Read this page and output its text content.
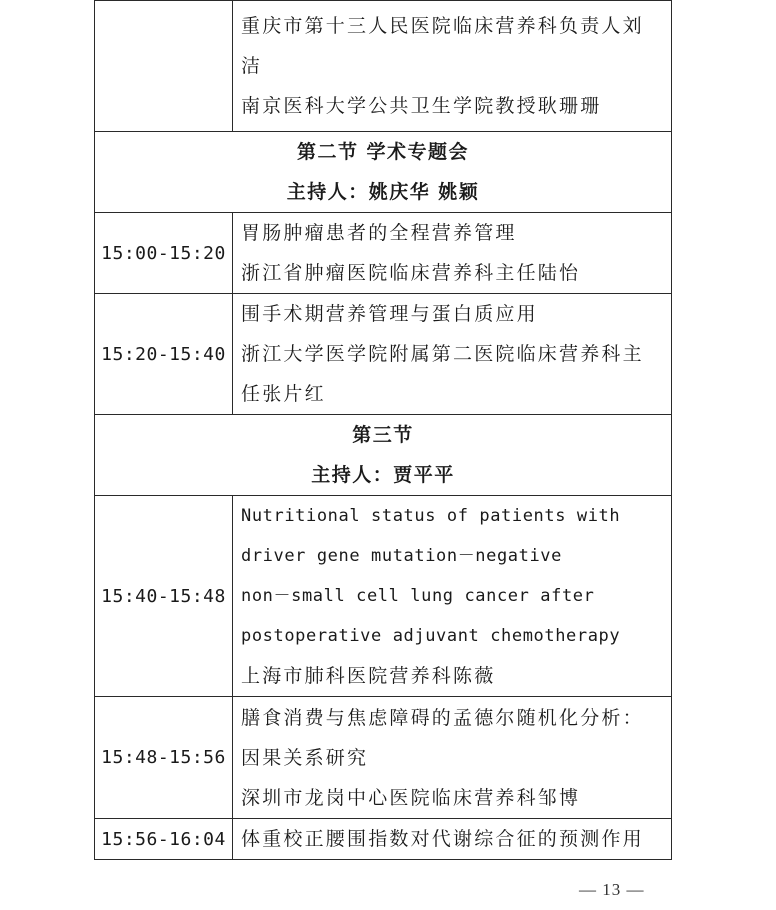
	重庆市第十三人民医院临床营养科负责人刘
洁
南京医科大学公共卫生学院教授耿珊珊

第二节 学术专题会
主持人：姚庆华 姚颖	

15:00-15:20	胃肠肿瘤患者的全程营养管理
浙江省肿瘤医院临床营养科主任陆怡

15:20-15:40	围手术期营养管理与蛋白质应用
浙江大学医学院附属第二医院临床营养科主
任张片红

第三节
主持人：贾平平	

15:40-15:48	Nutritional status of patients with
driver gene mutation－negative
non－small cell lung cancer after
postoperative adjuvant chemotherapy
上海市肺科医院营养科陈薇

15:48-15:56	膳食消费与焦虑障碍的孟德尔随机化分析：
因果关系研究
深圳市龙岗中心医院临床营养科邹博

15:56-16:04	体重校正腰围指数对代谢综合征的预测作用
— 13 —
